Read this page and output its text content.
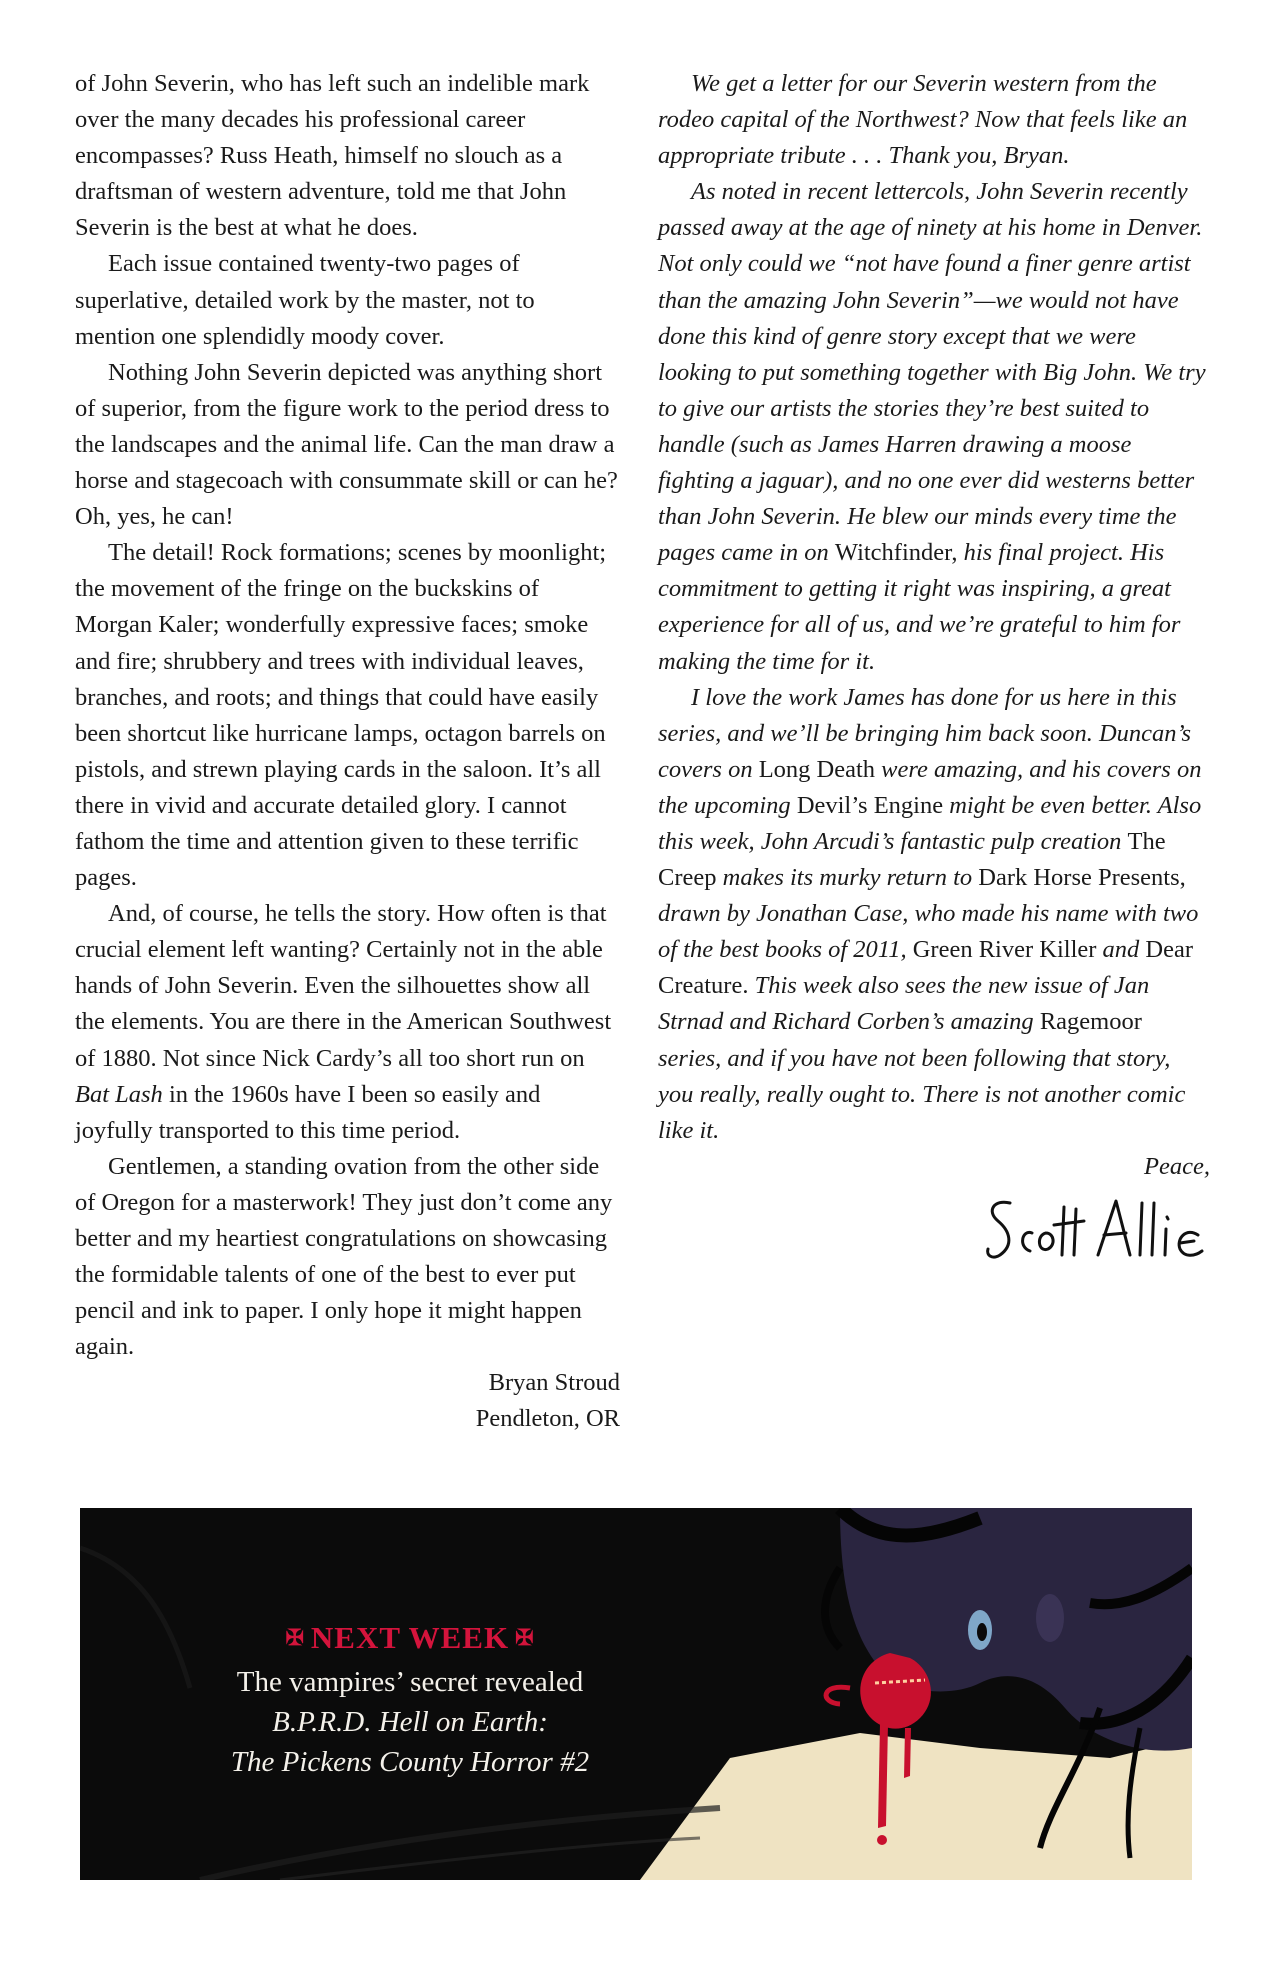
of John Severin, who has left such an indelible mark over the many decades his professional career encompasses? Russ Heath, himself no slouch as a draftsman of western adventure, told me that John Severin is the best at what he does.

Each issue contained twenty-two pages of superlative, detailed work by the master, not to mention one splendidly moody cover.

Nothing John Severin depicted was anything short of superior, from the figure work to the period dress to the landscapes and the animal life. Can the man draw a horse and stagecoach with consummate skill or can he? Oh, yes, he can!

The detail! Rock formations; scenes by moonlight; the movement of the fringe on the buckskins of Morgan Kaler; wonderfully expressive faces; smoke and fire; shrubbery and trees with individual leaves, branches, and roots; and things that could have easily been shortcut like hurricane lamps, octagon barrels on pistols, and strewn playing cards in the saloon. It’s all there in vivid and accurate detailed glory. I cannot fathom the time and attention given to these terrific pages.

And, of course, he tells the story. How often is that crucial element left wanting? Certainly not in the able hands of John Severin. Even the silhouettes show all the elements. You are there in the American Southwest of 1880. Not since Nick Cardy’s all too short run on Bat Lash in the 1960s have I been so easily and joyfully transported to this time period.

Gentlemen, a standing ovation from the other side of Oregon for a masterwork! They just don’t come any better and my heartiest congratulations on showcasing the formidable talents of one of the best to ever put pencil and ink to paper. I only hope it might happen again.

Bryan Stroud

Pendleton, OR

We get a letter for our Severin western from the rodeo capital of the Northwest? Now that feels like an appropriate tribute . . . Thank you, Bryan.

As noted in recent lettercols, John Severin recently passed away at the age of ninety at his home in Denver. Not only could we “not have found a finer genre artist than the amazing John Severin”—we would not have done this kind of genre story except that we were looking to put something together with Big John. We try to give our artists the stories they’re best suited to handle (such as James Harren drawing a moose fighting a jaguar), and no one ever did westerns better than John Severin. He blew our minds every time the pages came in on Witchfinder, his final project. His commitment to getting it right was inspiring, a great experience for all of us, and we’re grateful to him for making the time for it.

I love the work James has done for us here in this series, and we’ll be bringing him back soon. Duncan’s covers on Long Death were amazing, and his covers on the upcoming Devil’s Engine might be even better. Also this week, John Arcudi’s fantastic pulp creation The Creep makes its murky return to Dark Horse Presents, drawn by Jonathan Case, who made his name with two of the best books of 2011, Green River Killer and Dear Creature. This week also sees the new issue of Jan Strnad and Richard Corben’s amazing Ragemoor series, and if you have not been following that story, you really, really ought to. There is not another comic like it.

Peace,

✠ NEXT WEEK ✠
The vampires’ secret revealed
B.P.R.D. Hell on Earth:
The Pickens County Horror #2
